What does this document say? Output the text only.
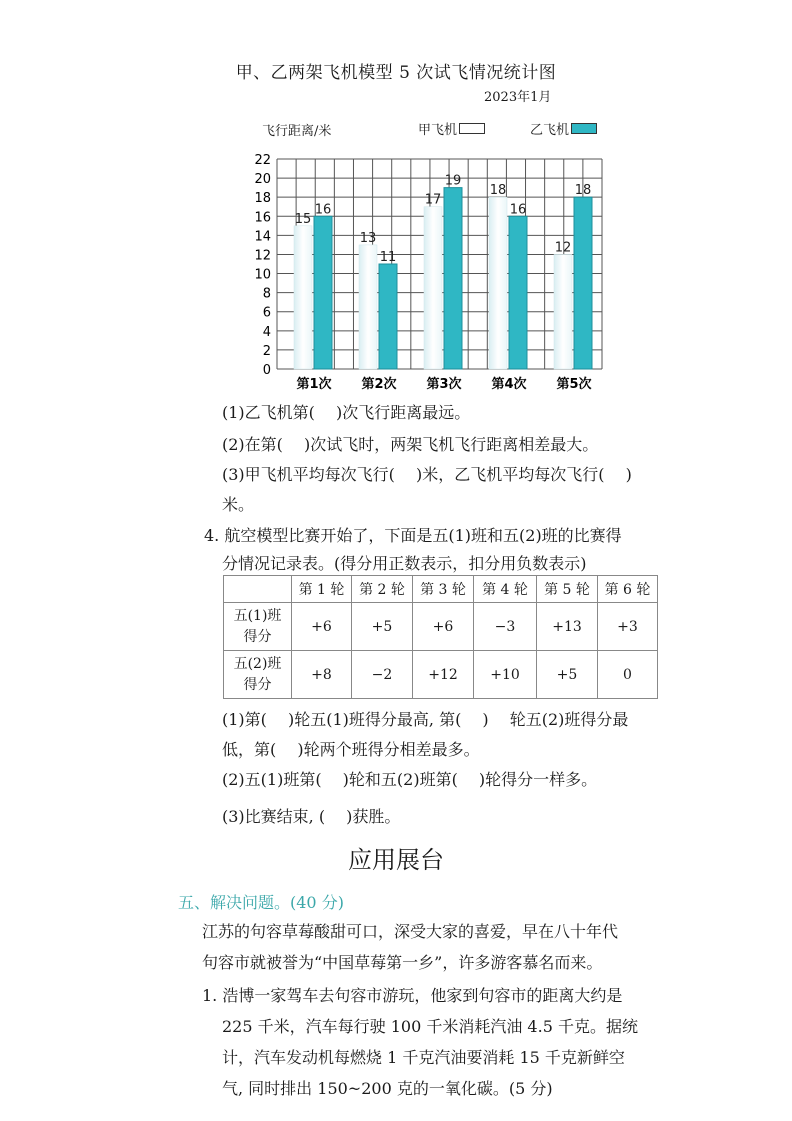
甲、乙两架飞机模型 5 次试飞情况统计图
2023年1月
飞行距离/米	甲飞机	乙飞机
22
20
18
16
14
12
10
8
6
4
2
0
15
16
第1次
13
11
第2次
17
19
第3次
18
16
第4次
12
18
第5次
(1)乙飞机第(　 )次飞行距离最远。
(2)在第(　 )次试飞时，两架飞机飞行距离相差最大。
(3)甲飞机平均每次飞行(　 )米，乙飞机平均每次飞行(　 )
米。
4. 航空模型比赛开始了，下面是五(1)班和五(2)班的比赛得
分情况记录表。(得分用正数表示，扣分用负数表示)
	第 1 轮	第 2 轮	第 3 轮	第 4 轮	第 5 轮	第 6 轮

五(1)班
得分	+6	+5	+6	−3	+13	+3

五(2)班
得分	+8	−2	+12	+10	+5	0
(1)第(　 )轮五(1)班得分最高, 第(　 )　 轮五(2)班得分最
低，第(　 )轮两个班得分相差最多。
(2)五(1)班第(　 )轮和五(2)班第(　 )轮得分一样多。
(3)比赛结束, (　 )获胜。
应用展台
五、解决问题。(40 分)
江苏的句容草莓酸甜可口，深受大家的喜爱，早在八十年代
句容市就被誉为“中国草莓第一乡”，许多游客慕名而来。
1. 浩博一家驾车去句容市游玩，他家到句容市的距离大约是
225 千米，汽车每行驶 100 千米消耗汽油 4.5 千克。据统
计，汽车发动机每燃烧 1 千克汽油要消耗 15 千克新鲜空
气, 同时排出 150~200 克的一氧化碳。(5 分)
